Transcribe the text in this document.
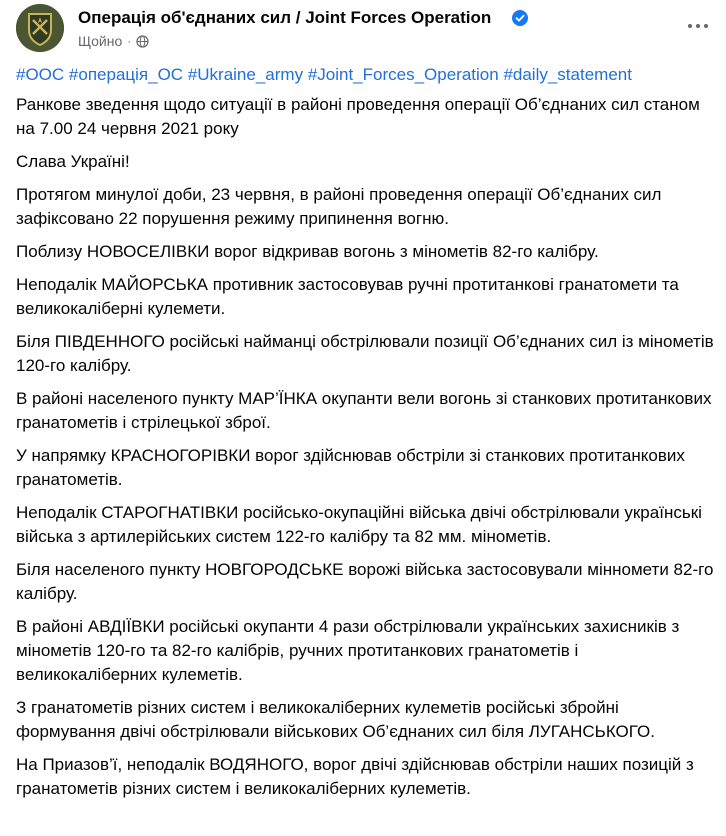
Операція об'єднаних сил / Joint Forces Operation
Щойно ·

#ООС #операція_ОС #Ukraine_army #Joint_Forces_Operation #daily_statement

Ранкове зведення щодо ситуації в районі проведення операції Об’єднаних сил станом на 7.00 24 червня 2021 року

Слава Україні!

Протягом минулої доби, 23 червня, в районі проведення операції Об’єднаних сил зафіксовано 22 порушення режиму припинення вогню.

Поблизу НОВОСЕЛІВКИ ворог відкривав вогонь з мінометів 82-го калібру.

Неподалік МАЙОРСЬКА противник застосовував ручні протитанкові гранатомети та великокаліберні кулемети.

Біля ПІВДЕННОГО російські найманці обстрілювали позиції Об’єднаних сил із мінометів 120-го калібру.

В районі населеного пункту МАР’ЇНКА окупанти вели вогонь зі станкових протитанкових гранатометів і стрілецької зброї.

У напрямку КРАСНОГОРІВКИ ворог здійснював обстріли зі станкових протитанкових гранатометів.

Неподалік СТАРОГНАТІВКИ російсько-окупаційні війська двічі обстрілювали українські війська з артилерійських систем 122-го калібру та 82 мм. мінометів.

Біля населеного пункту НОВГОРОДСЬКЕ ворожі війська застосовували мінномети 82-го калібру.

В районі АВДІЇВКИ російські окупанти 4 рази обстрілювали українських захисників з мінометів 120-го та 82-го калібрів, ручних протитанкових гранатометів і великокаліберних кулеметів.

З гранатометів різних систем і великокаліберних кулеметів російські збройні формування двічі обстрілювали військових Об’єднаних сил біля ЛУГАНСЬКОГО.

На Приазов’ї, неподалік ВОДЯНОГО, ворог двічі здійснював обстріли наших позицій з гранатометів різних систем і великокаліберних кулеметів.
